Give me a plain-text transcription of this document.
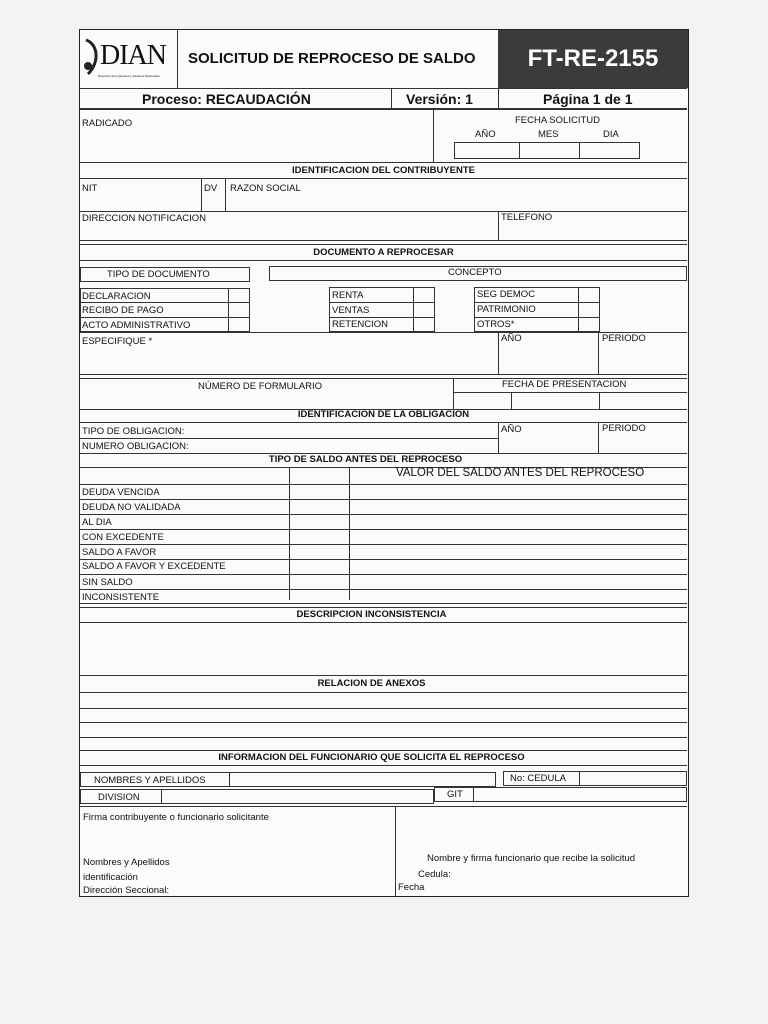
DIAN
Dirección de Impuestos y Aduanas Nacionales
SOLICITUD DE REPROCESO DE SALDO	FT-RE-2155
Proceso: RECAUDACIÓN	Versión: 1	Página 1 de 1
RADICADO	FECHA SOLICITUD
AÑO	MES	DIA
IDENTIFICACION DEL CONTRIBUYENTE
NIT	DV RAZON SOCIAL
DIRECCION NOTIFICACION	TELEFONO
DOCUMENTO A REPROCESAR
TIPO DE DOCUMENTO	CONCEPTO
DECLARACION
RECIBO DE PAGO
ACTO ADMINISTRATIVO
RENTA
VENTAS
RETENCION
SEG DEMOC
PATRIMONIO
OTROS*
ESPECIFIQUE *	AÑO	PERIODO
NÚMERO DE FORMULARIO	FECHA DE PRESENTACION
IDENTIFICACION DE LA OBLIGACION
TIPO DE OBLIGACION:
NUMERO OBLIGACION:
AÑO	PERIODO
TIPO DE SALDO ANTES DEL REPROCESO
VALOR DEL SALDO ANTES DEL REPROCESO
DEUDA VENCIDA
DEUDA NO VALIDADA
AL DIA
CON EXCEDENTE
SALDO A FAVOR
SALDO A FAVOR Y EXCEDENTE
SIN SALDO
INCONSISTENTE
DESCRIPCION INCONSISTENCIA
RELACION DE ANEXOS
INFORMACION DEL FUNCIONARIO QUE SOLICITA EL REPROCESO
NOMBRES Y APELLIDOS	No: CEDULA
DIVISION	GIT
Firma contribuyente o funcionario solicitante
Nombres y Apellidos
identificación
Dirección Seccional:
Nombre y firma funcionario que recibe la solicitud
Cedula:
Fecha
